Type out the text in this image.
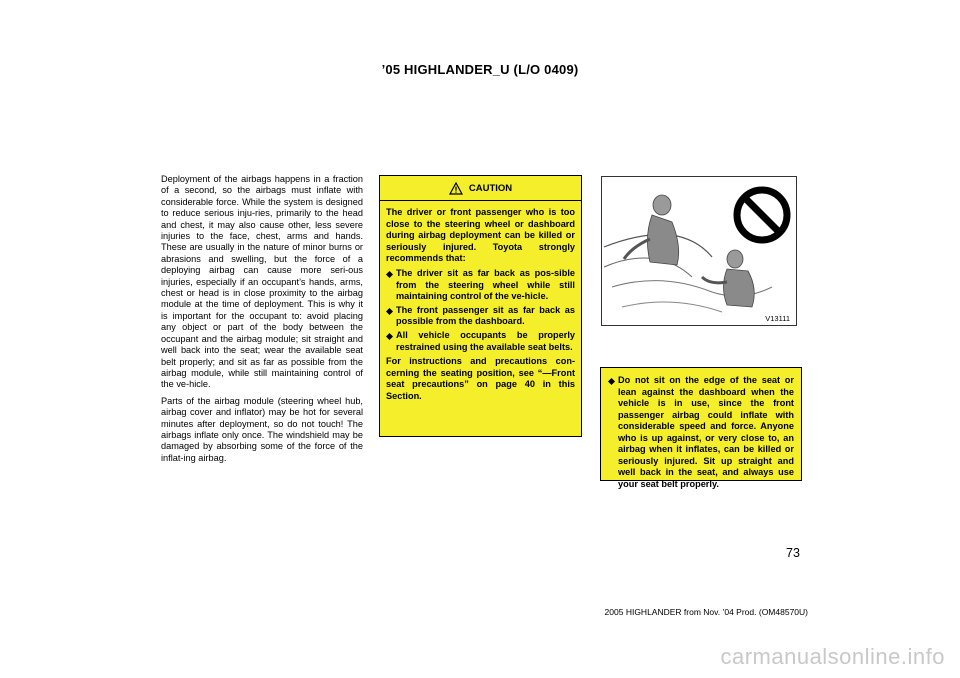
’05 HIGHLANDER_U (L/O 0409)

Deployment of the airbags happens in a fraction of a second, so the airbags must inflate with considerable force. While the system is designed to reduce serious inju-ries, primarily to the head and chest, it may also cause other, less severe injuries to the face, chest, arms and hands. These are usually in the nature of minor burns or abrasions and swelling, but the force of a deploying airbag can cause more seri-ous injuries, especially if an occupant’s hands, arms, chest or head is in close proximity to the airbag module at the time of deployment. This is why it is important for the occupant to: avoid placing any object or part of the body between the occupant and the airbag module; sit straight and well back into the seat; wear the available seat belt properly; and sit as far as possible from the airbag module, while still maintaining control of the ve-hicle.

Parts of the airbag module (steering wheel hub, airbag cover and inflator) may be hot for several minutes after deployment, so do not touch! The airbags inflate only once. The windshield may be damaged by absorbing some of the force of the inflat-ing airbag.

CAUTION

The driver or front passenger who is too close to the steering wheel or dashboard during airbag deployment can be killed or seriously injured. Toyota strongly recommends that:

The driver sit as far back as pos-sible from the steering wheel while still maintaining control of the ve-hicle.
The front passenger sit as far back as possible from the dashboard.
All vehicle occupants be properly restrained using the available seat belts.

For instructions and precautions con-cerning the seating position, see “—Front seat precautions” on page 40 in this Section.

V13111
Do not sit on the edge of the seat or lean against the dashboard when the vehicle is in use, since the front passenger airbag could inflate with considerable speed and force. Anyone who is up against, or very close to, an airbag when it inflates, can be killed or seriously injured. Sit up straight and well back in the seat, and always use your seat belt properly.
73
2005 HIGHLANDER from Nov. ’04 Prod. (OM48570U)
carmanualsonline.info
